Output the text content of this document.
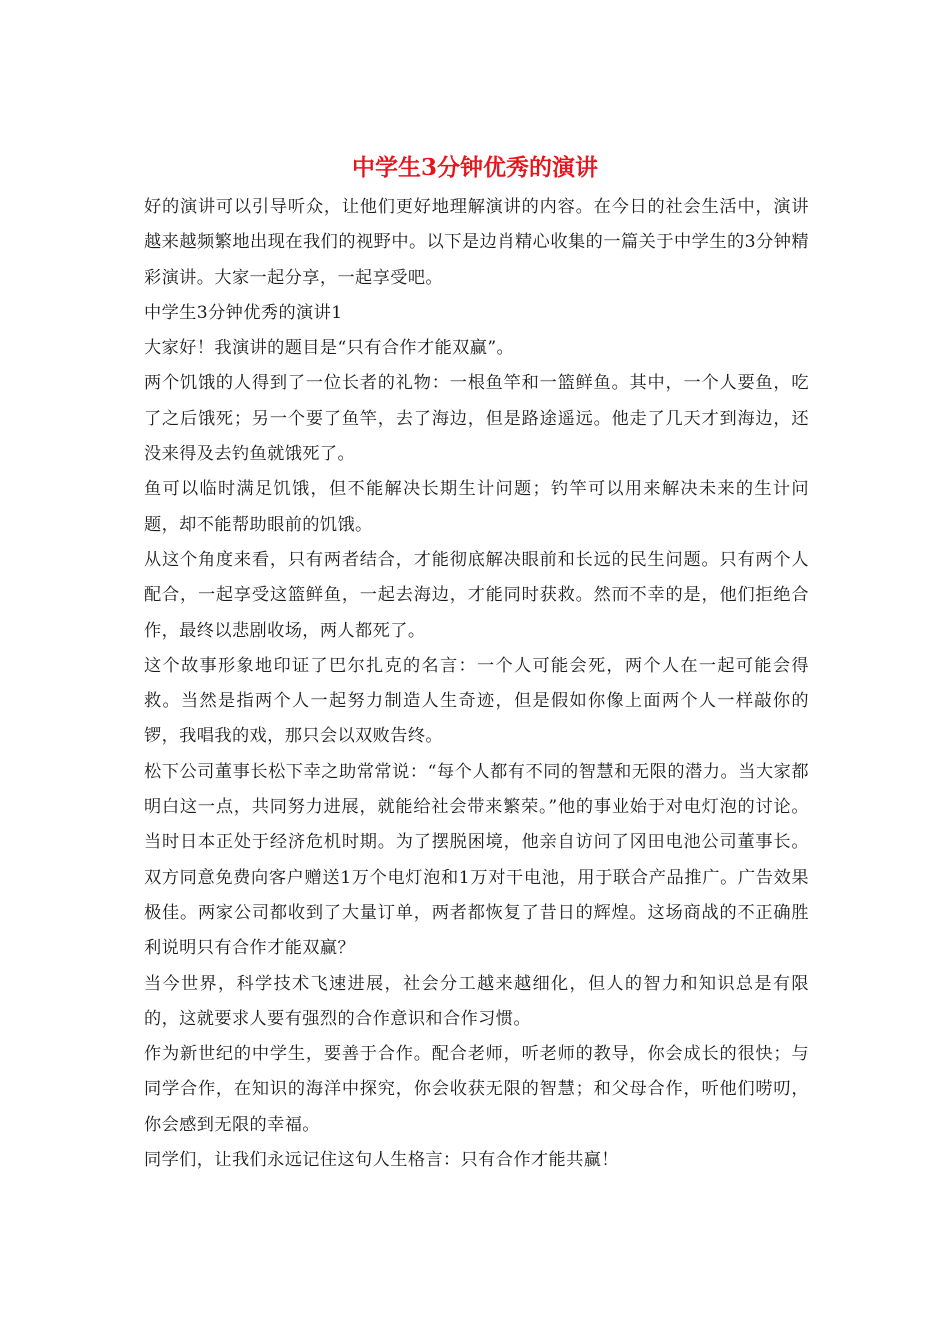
中学生3分钟优秀的演讲

好的演讲可以引导听众，让他们更好地理解演讲的内容。在今日的社会生活中，演讲越来越频繁地出现在我们的视野中。以下是边肖精心收集的一篇关于中学生的3分钟精彩演讲。大家一起分享，一起享受吧。

中学生3分钟优秀的演讲1

大家好！我演讲的题目是“只有合作才能双赢”。

两个饥饿的人得到了一位长者的礼物：一根鱼竿和一篮鲜鱼。其中，一个人要鱼，吃了之后饿死；另一个要了鱼竿，去了海边，但是路途遥远。他走了几天才到海边，还没来得及去钓鱼就饿死了。

鱼可以临时满足饥饿，但不能解决长期生计问题；钓竿可以用来解决未来的生计问题，却不能帮助眼前的饥饿。

从这个角度来看，只有两者结合，才能彻底解决眼前和长远的民生问题。只有两个人配合，一起享受这篮鲜鱼，一起去海边，才能同时获救。然而不幸的是，他们拒绝合作，最终以悲剧收场，两人都死了。

这个故事形象地印证了巴尔扎克的名言：一个人可能会死，两个人在一起可能会得救。当然是指两个人一起努力制造人生奇迹，但是假如你像上面两个人一样敲你的锣，我唱我的戏，那只会以双败告终。

松下公司董事长松下幸之助常常说：“每个人都有不同的智慧和无限的潜力。当大家都明白这一点，共同努力进展，就能给社会带来繁荣。”他的事业始于对电灯泡的讨论。当时日本正处于经济危机时期。为了摆脱困境，他亲自访问了冈田电池公司董事长。双方同意免费向客户赠送1万个电灯泡和1万对干电池，用于联合产品推广。广告效果极佳。两家公司都收到了大量订单，两者都恢复了昔日的辉煌。这场商战的不正确胜利说明只有合作才能双赢？

当今世界，科学技术飞速进展，社会分工越来越细化，但人的智力和知识总是有限的，这就要求人要有强烈的合作意识和合作习惯。

作为新世纪的中学生，要善于合作。配合老师，听老师的教导，你会成长的很快；与同学合作，在知识的海洋中探究，你会收获无限的智慧；和父母合作，听他们唠叨，你会感到无限的幸福。

同学们，让我们永远记住这句人生格言：只有合作才能共赢！
